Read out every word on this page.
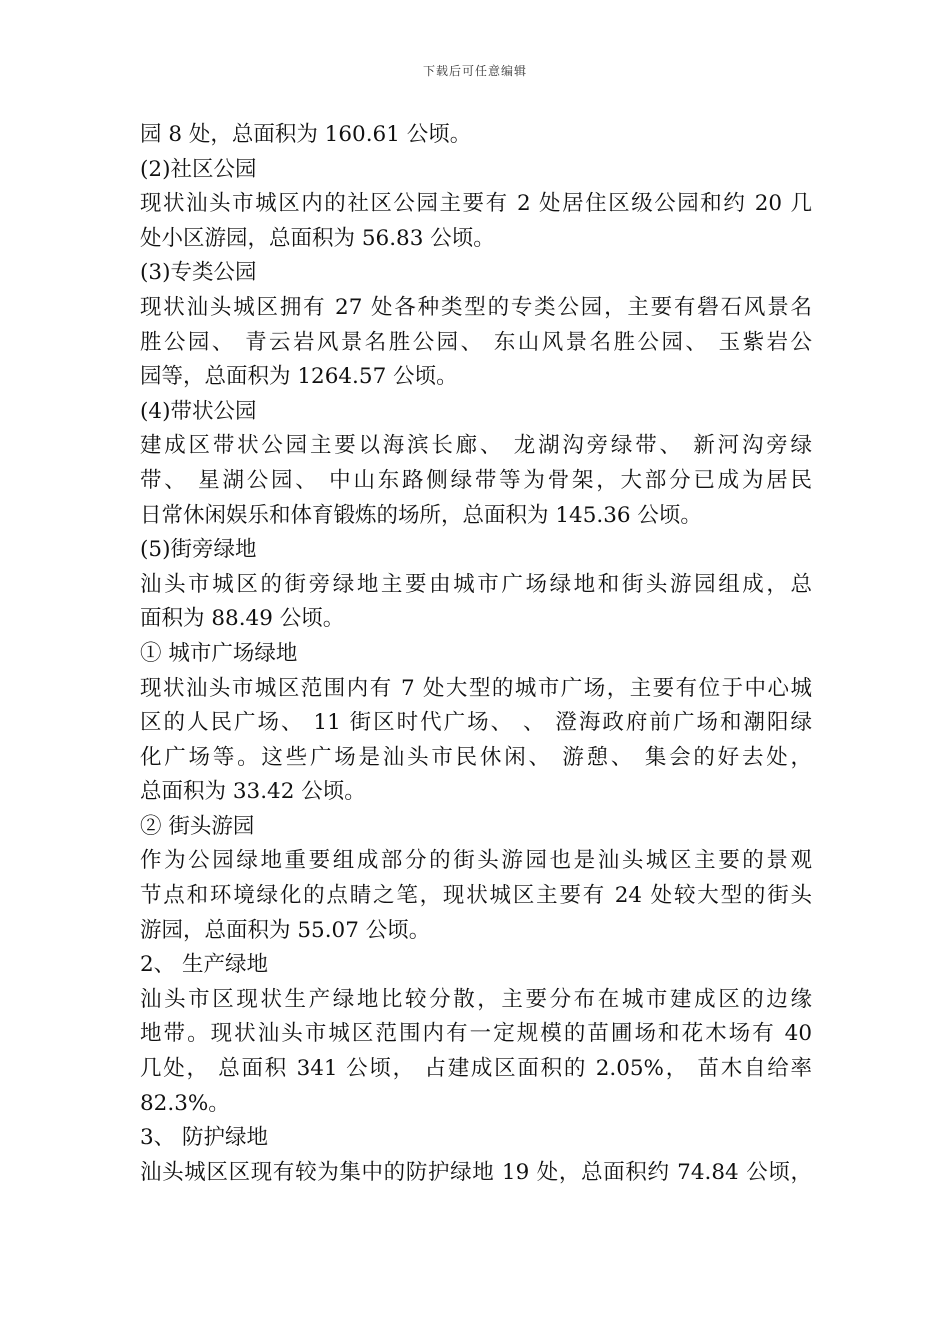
下载后可任意编辑
园 8 处，总面积为 160.61 公顷。
(2)社区公园
现状汕头市城区内的社区公园主要有 2 处居住区级公园和约 20 几
处小区游园，总面积为 56.83 公顷。
(3)专类公园
现状汕头城区拥有 27 处各种类型的专类公园，主要有礐石风景名
胜公园、 青云岩风景名胜公园、 东山风景名胜公园、 玉紫岩公
园等，总面积为 1264.57 公顷。
(4)带状公园
建成区带状公园主要以海滨长廊、 龙湖沟旁绿带、 新河沟旁绿
带、 星湖公园、 中山东路侧绿带等为骨架，大部分已成为居民
日常休闲娱乐和体育锻炼的场所，总面积为 145.36 公顷。
(5)街旁绿地
汕头市城区的街旁绿地主要由城市广场绿地和街头游园组成，总
面积为 88.49 公顷。
① 城市广场绿地
现状汕头市城区范围内有 7 处大型的城市广场，主要有位于中心城
区的人民广场、 11 街区时代广场、 、 澄海政府前广场和潮阳绿
化广场等。这些广场是汕头市民休闲、 游憩、 集会的好去处，
总面积为 33.42 公顷。
② 街头游园
作为公园绿地重要组成部分的街头游园也是汕头城区主要的景观
节点和环境绿化的点睛之笔，现状城区主要有 24 处较大型的街头
游园，总面积为 55.07 公顷。
2、 生产绿地
汕头市区现状生产绿地比较分散，主要分布在城市建成区的边缘
地带。现状汕头市城区范围内有一定规模的苗圃场和花木场有 40
几处， 总面积 341 公顷， 占建成区面积的 2.05%， 苗木自给率
82.3%。
3、 防护绿地
汕头城区区现有较为集中的防护绿地 19 处，总面积约 74.84 公顷，
